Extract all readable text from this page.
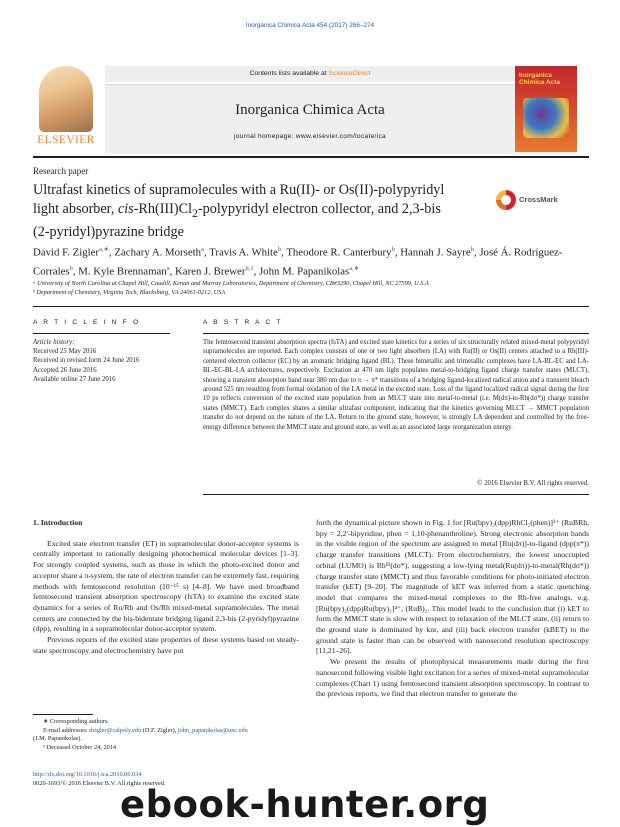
Inorganica Chimica Acta 454 (2017) 266–274
ELSEVIER
Contents lists available at ScienceDirect
Inorganica Chimica Acta
journal homepage: www.elsevier.com/locate/ica
Inorganica Chimica Acta
Research paper
Ultrafast kinetics of supramolecules with a Ru(II)- or Os(II)-polypyridyl
light absorber, cis-$Rh(III)Cl_2$-polypyridyl electron collector, and 2,3-bis
(2-pyridyl)pyrazine bridge
CrossMark
David F. Zigler$^{a,∗}$, Zachary A. Morseth$^a$, Travis A. White$^b$, Theodore R. Canterbury$^b$, Hannah J. Sayre$^b$, José Á. Rodríguez-Corrales$^b$, M. Kyle Brennaman$^a$, Karen J. Brewer$^{b,1}$, John M. Papanikolas$^{a,∗}$
ᵃ University of North Carolina at Chapel Hill, Caudill, Kenan and Murray Laboratories, Department of Chemistry, CB#3290, Chapel Hill, NC 27599, U.S.A
ᵇ Department of Chemistry, Virginia Tech, Blacksburg, VA 24061-0212, USA
A R T I C L E I N F O	A B S T R A C T
Article history:
Received 25 May 2016
Received in revised form 24 June 2016
Accepted 26 June 2016
Available online 27 June 2016
The femtosecond transient absorption spectra (fsTA) and excited state kinetics for a series of six structurally related mixed-metal polypyridyl supramolecules are reported. Each complex consists of one or two light absorbers (LA) with Ru(II) or Os(II) centers attached to a Rh(III)-centered electron collector (EC) by an aromatic bridging ligand (BL). These bimetallic and trimetallic complexes have LA-BL-EC and LA-BL-EC-BL-LA architectures, respectively. Excitation at 470 nm light populates metal-to-bridging ligand charge transfer states (MLCT), showing a transient absorption band near 380 nm due to π → π* transitions of a bridging ligand-localized radical anion and a transient bleach around 525 nm resulting from formal oxidation of the LA metal in the excited state. Loss of the ligand localized radical signal during the first 10 ps reflects conversion of the excited state population from an MLCT state into metal-to-metal (i.e. M(dπ)-to-Rh(dσ*)) charge transfer states (MMCT). Each complex shares a similar ultrafast component, indicating that the kinetics governing MLCT → MMCT population transfer do not depend on the nature of the LA. Return to the ground state, however, is strongly LA dependent and controlled by the free-energy difference between the MMCT state and ground state, as well as an associated large reorganization energy.
© 2016 Elsevier B.V. All rights reserved.
1. Introduction

Excited state electron transfer (ET) in supramolecular donor-acceptor systems is centrally important to rationally designing photochemical molecular devices [1–3]. For strongly coupled systems, such as those in which the photo-excited donor and acceptor share a π-system, the rate of electron transfer can be extremely fast, requiring methods with femtosecond resolution (10⁻¹⁵ s) [4–8]. We have used broadband femtosecond transient absorption spectroscopy (fsTA) to examine the excited state dynamics for a series of Ru/Rh and Os/Rh mixed-metal supramolecules. The metal centers are connected by the bis-bidentate bridging ligand 2,3-bis (2-pyridyl)pyrazine (dpp), resulting in a supramolecular donor-acceptor system.

Previous reports of the excited state properties of these systems based on steady-state spectroscopy and electrochemistry have put

forth the dynamical picture shown in Fig. 1 for [Ru(bpy)₂(dpp)RhCl₂(phen)]³⁺ (RuBRh, bpy = 2,2′-bipyridine, phen = 1,10-phenanthroline). Strong electronic absorption bands in the visible region of the spectrum are assigned to metal [Ru(dπ)]-to-ligand (dpp(π*)) charge transfer transitions (MLCT). From electrochemistry, the lowest unoccupied orbital (LUMO) is Rhᴵᴵᴵ(dσ*), suggesting a low-lying metal(Ru(dπ))-to-metal(Rh(dσ*)) charge transfer state (MMCT) and thus favorable conditions for photo-initiated electron transfer (kET) [9–20]. The magnitude of kET was inferred from a static quenching model that compares the mixed-metal complexes to the Rh-free analogs, e.g. [Ru(bpy)₂(dpp)Ru(bpy)₂]⁴⁺, (RuB)₂. This model leads to the conclusion that (i) kET to form the MMCT state is slow with respect to relaxation of the MLCT state, (ii) return to the ground state is dominated by knr, and (iii) back electron transfer (kBET) to the ground state is faster than can be observed with nanosecond resolution spectroscopy [11,21–26].

We present the results of photophysical measurements made during the first nanosecond following visible light excitation for a series of mixed-metal supramolecular complexes (Chart 1) using femtosecond transient absorption spectroscopy. In contrast to the previous reports, we find that electron transfer to generate the

∗ Corresponding authors.
E-mail addresses: dzigler@calpoly.edu (D.F. Zigler), john_papanikolas@unc.edu
(J.M. Papanikolas).
¹ Deceased October 24, 2014
http://dx.doi.org/10.1016/j.ica.2016.06.034
0020-1693/© 2016 Elsevier B.V. All rights reserved.
ebook-hunter.org
